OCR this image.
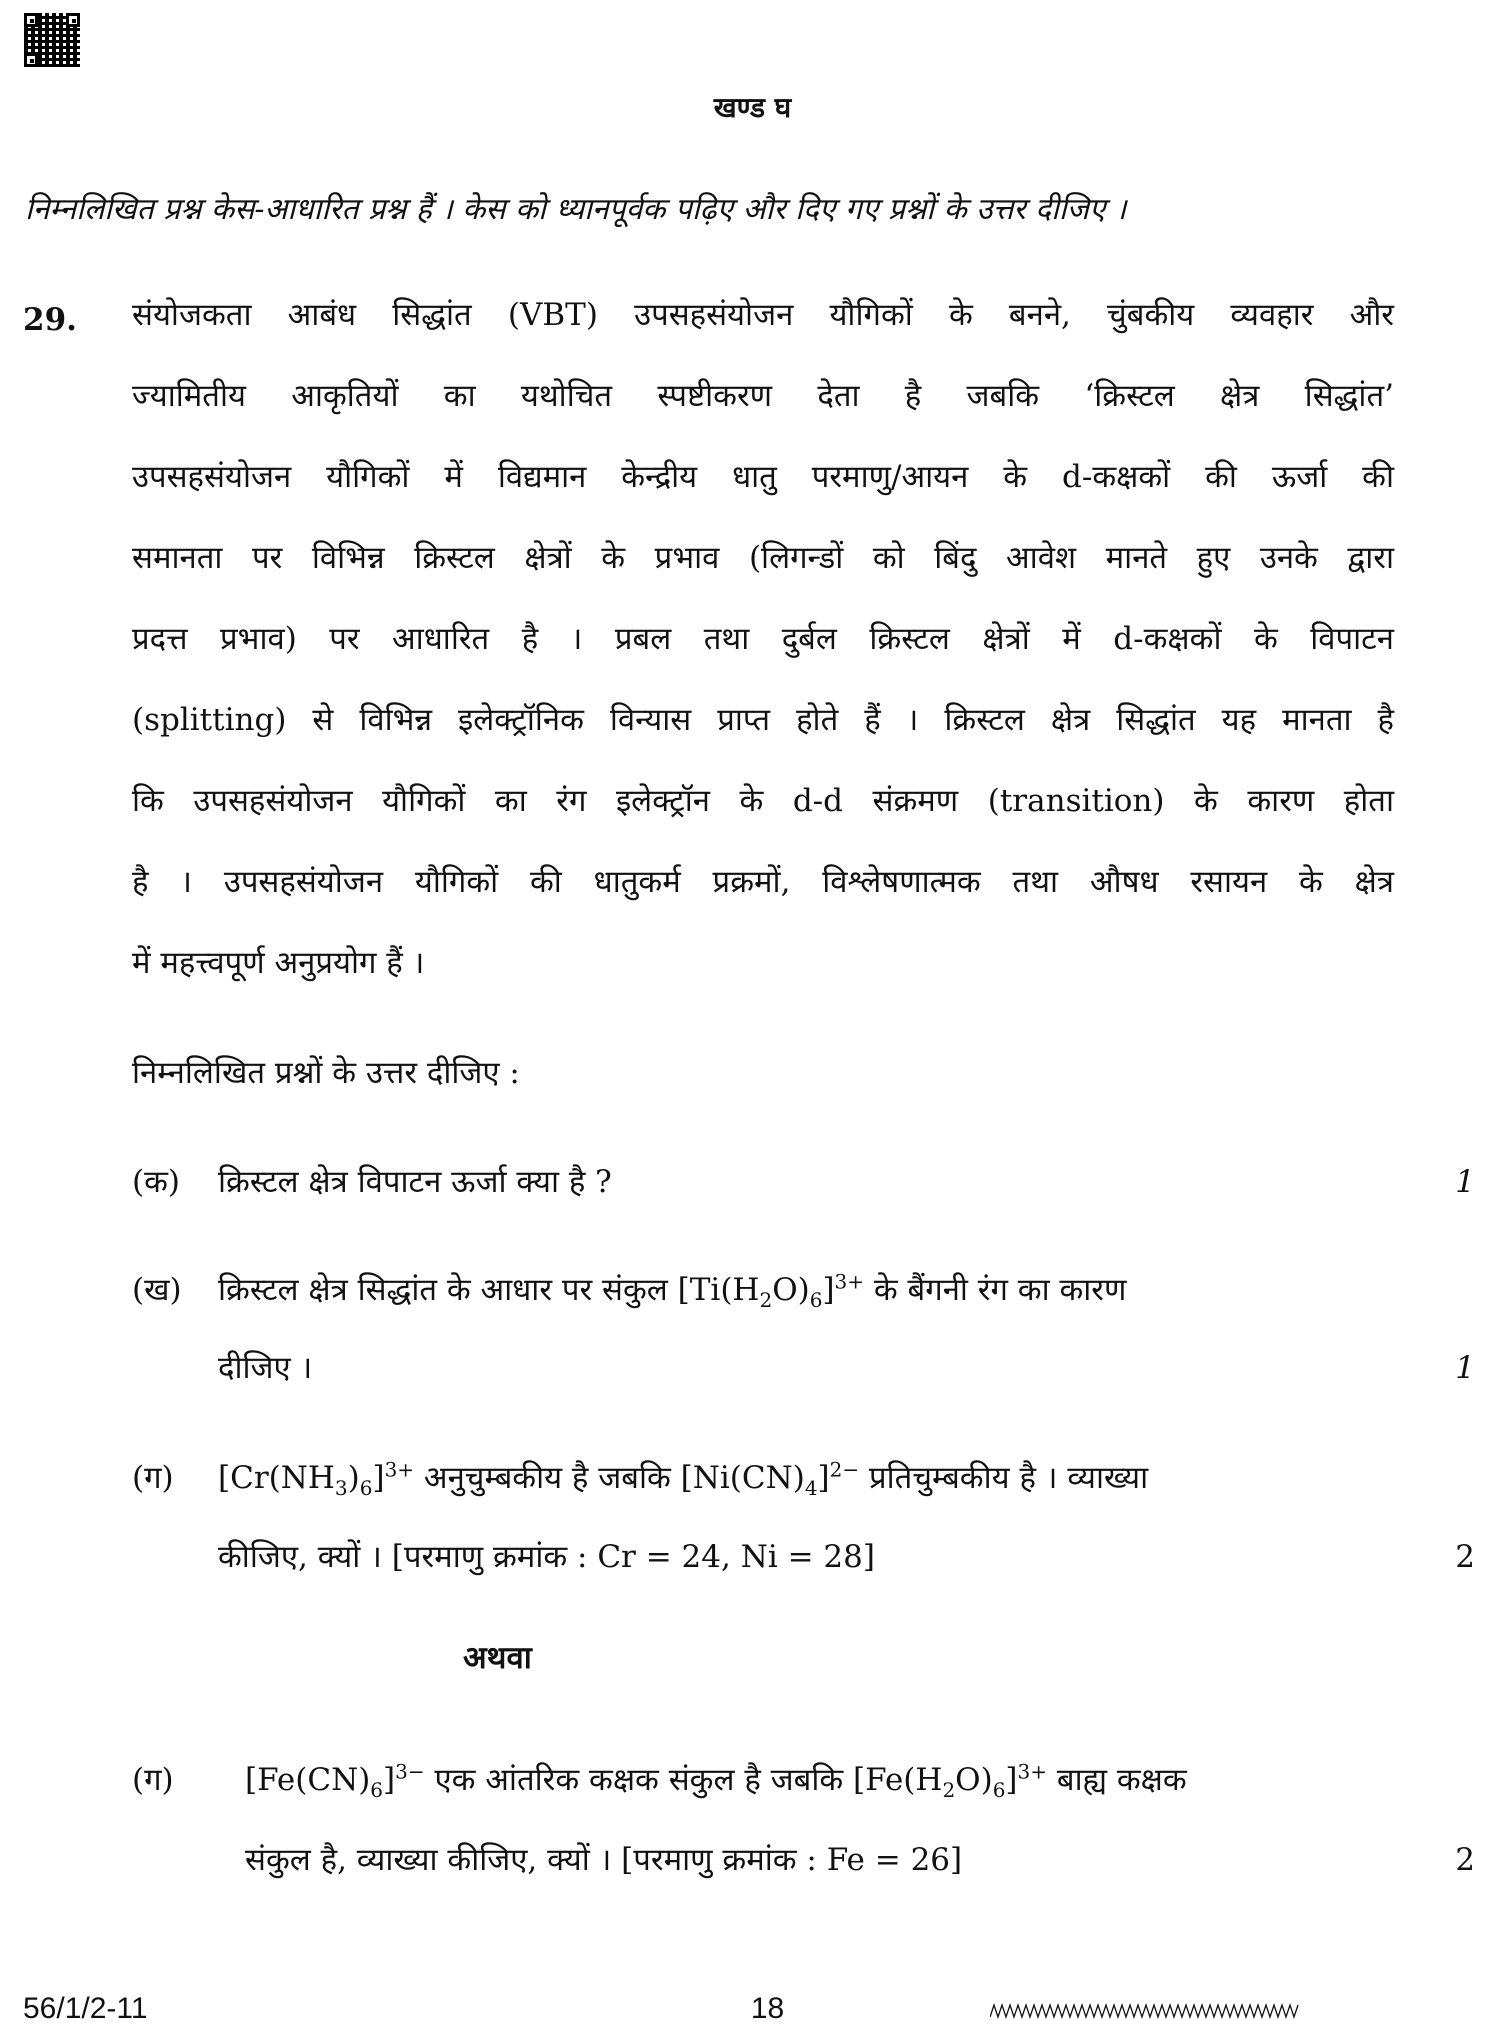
खण्ड घ
निम्नलिखित प्रश्न केस-आधारित प्रश्न हैं । केस को ध्यानपूर्वक पढ़िए और दिए गए प्रश्नों के उत्तर दीजिए ।
29. संयोजकता आबंध सिद्धांत (VBT) उपसहसंयोजन यौगिकों के बनने, चुंबकीय व्यवहार और
ज्यामितीय आकृतियों का यथोचित स्पष्टीकरण देता है जबकि ‘क्रिस्टल क्षेत्र सिद्धांत’
उपसहसंयोजन यौगिकों में विद्यमान केन्द्रीय धातु परमाणु/आयन के d-कक्षकों की ऊर्जा की
समानता पर विभिन्न क्रिस्टल क्षेत्रों के प्रभाव (लिगन्डों को बिंदु आवेश मानते हुए उनके द्वारा
प्रदत्त प्रभाव) पर आधारित है । प्रबल तथा दुर्बल क्रिस्टल क्षेत्रों में d-कक्षकों के विपाटन
(splitting) से विभिन्न इलेक्ट्रॉनिक विन्यास प्राप्त होते हैं । क्रिस्टल क्षेत्र सिद्धांत यह मानता है
कि उपसहसंयोजन यौगिकों का रंग इलेक्ट्रॉन के d-d संक्रमण (transition) के कारण होता
है । उपसहसंयोजन यौगिकों की धातुकर्म प्रक्रमों, विश्लेषणात्मक तथा औषध रसायन के क्षेत्र
में महत्त्वपूर्ण अनुप्रयोग हैं ।
निम्नलिखित प्रश्नों के उत्तर दीजिए :
(क) क्रिस्टल क्षेत्र विपाटन ऊर्जा क्या है ?	1
(ख) क्रिस्टल क्षेत्र सिद्धांत के आधार पर संकुल $[Ti(H_2O)_6]^{3+}$ के बैंगनी रंग का कारण
दीजिए ।	1
(ग) $[Cr(NH_3)_6]^{3+}$ अनुचुम्बकीय है जबकि $[Ni(CN)_4]^{2-}$ प्रतिचुम्बकीय है । व्याख्या
कीजिए, क्यों । [परमाणु क्रमांक : Cr = 24, Ni = 28]	2
अथवा
(ग) $[Fe(CN)_6]^{3-}$ एक आंतरिक कक्षक संकुल है जबकि $[Fe(H_2O)_6]^{3+}$ बाह्य कक्षक
संकुल है, व्याख्या कीजिए, क्यों । [परमाणु क्रमांक : Fe = 26]	2
56/1/2-11	18
